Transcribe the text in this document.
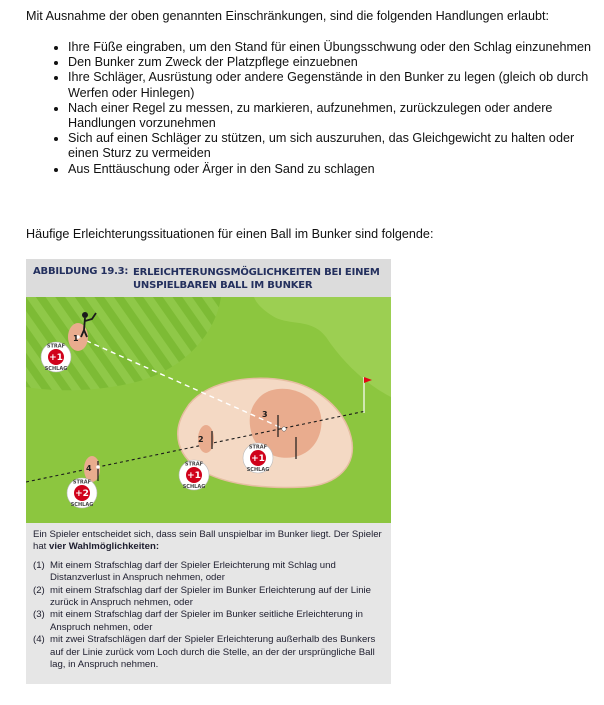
Mit Ausnahme der oben genannten Einschränkungen, sind die folgenden Handlungen erlaubt:

• Ihre Füße eingraben, um den Stand für einen Übungsschwung oder den Schlag einzunehmen
• Den Bunker zum Zweck der Platzpflege einzuebnen
• Ihre Schläger, Ausrüstung oder andere Gegenstände in den Bunker zu legen (gleich ob durch Werfen oder Hinlegen)
• Nach einer Regel zu messen, zu markieren, aufzunehmen, zurückzulegen oder andere Handlungen vorzunehmen
• Sich auf einen Schläger zu stützen, um sich auszuruhen, das Gleichgewicht zu halten oder einen Sturz zu vermeiden
• Aus Enttäuschung oder Ärger in den Sand zu schlagen

Häufige Erleichterungssituationen für einen Ball im Bunker sind folgende:

ABBILDUNG 19.3: ERLEICHTERUNGSMÖGLICHKEITEN BEI EINEM UNSPIELBAREN BALL IM BUNKER
1
2
3
4
STRAF
+1
SCHLAG
STRAF
+1
SCHLAG
STRAF
+1
SCHLAG
STRAF
+2
SCHLAG

Ein Spieler entscheidet sich, dass sein Ball unspielbar im Bunker liegt. Der Spieler hat vier Wahlmöglichkeiten:

(1) Mit einem Strafschlag darf der Spieler Erleichterung mit Schlag und Distanzverlust in Anspruch nehmen, oder
(2) mit einem Strafschlag darf der Spieler im Bunker Erleichterung auf der Linie zurück in Anspruch nehmen, oder
(3) mit einem Strafschlag darf der Spieler im Bunker seitliche Erleichterung in Anspruch nehmen, oder
(4) mit zwei Strafschlägen darf der Spieler Erleichterung außerhalb des Bunkers auf der Linie zurück vom Loch durch die Stelle, an der der ursprüngliche Ball lag, in Anspruch nehmen.
